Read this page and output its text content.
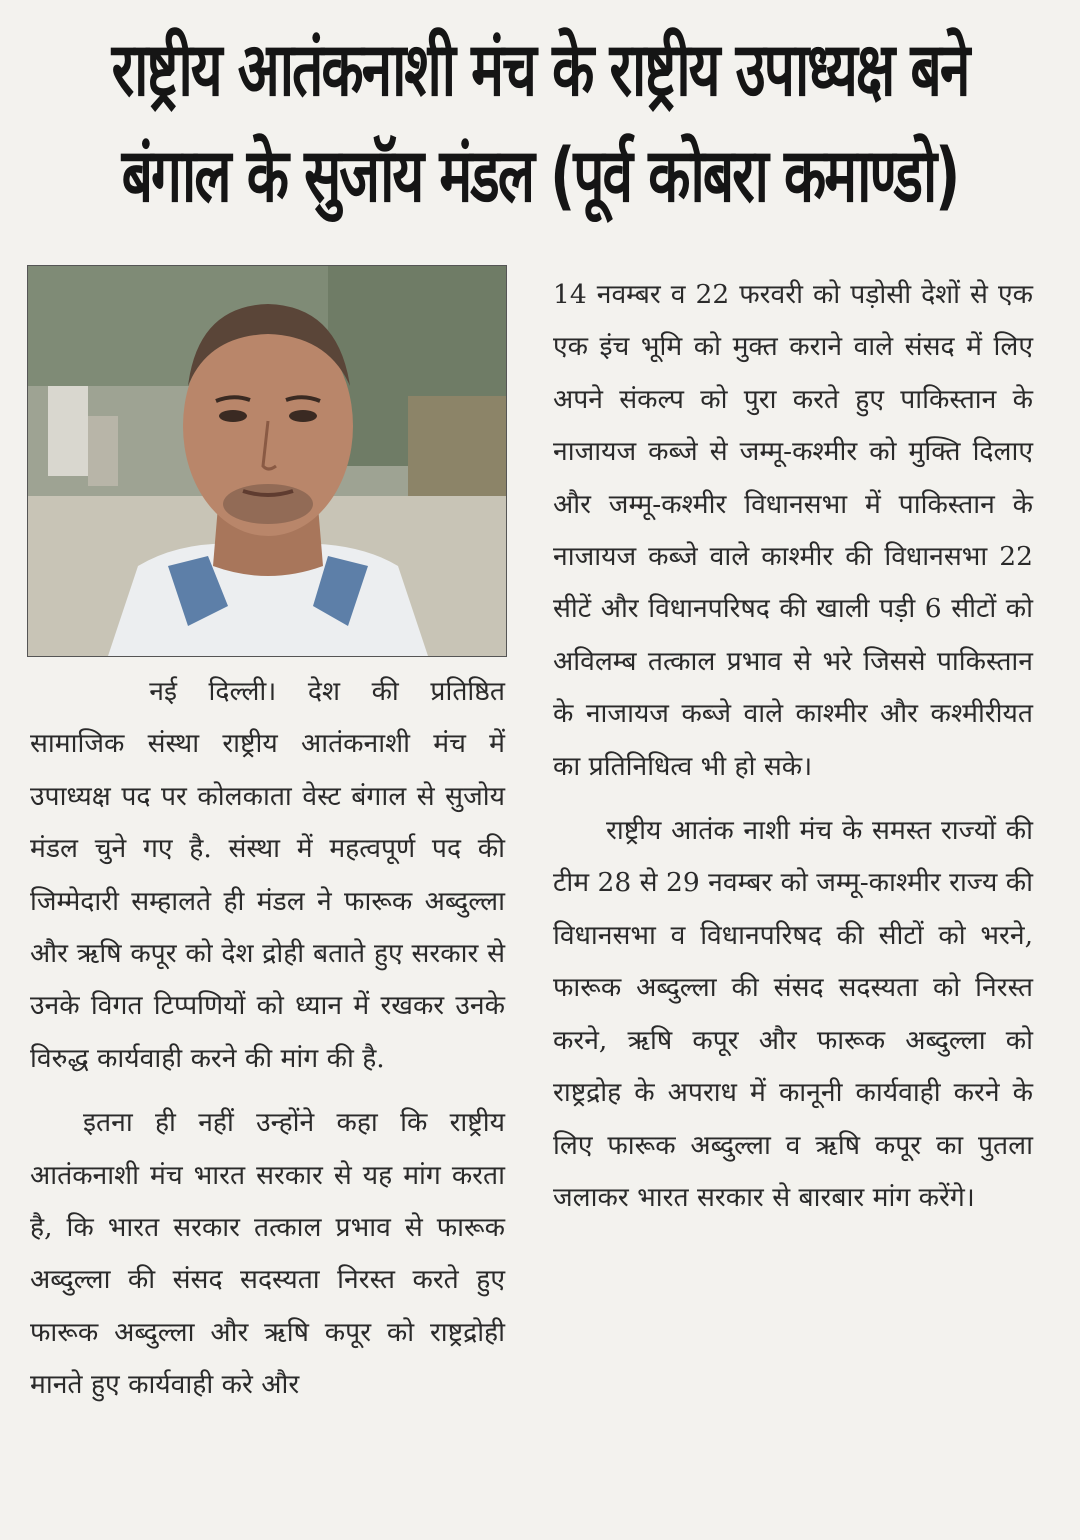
राष्ट्रीय आतंकनाशी मंच के राष्ट्रीय उपाध्यक्ष बने
बंगाल के सुजॉय मंडल (पूर्व कोबरा कमाण्डो)

नई दिल्ली। देश की प्रतिष्ठित सामाजिक संस्था राष्ट्रीय आतंकनाशी मंच में उपाध्यक्ष पद पर कोलकाता वेस्ट बंगाल से सुजोय मंडल चुने गए है. संस्था में महत्वपूर्ण पद की जिम्मेदारी सम्हालते ही मंडल ने फारूक अब्दुल्ला और ऋषि कपूर को देश द्रोही बताते हुए सरकार से उनके विगत टिप्पणियों को ध्यान में रखकर उनके विरुद्ध कार्यवाही करने की मांग की है.

इतना ही नहीं उन्होंने कहा कि राष्ट्रीय आतंकनाशी मंच भारत सरकार से यह मांग करता है, कि भारत सरकार तत्काल प्रभाव से फारूक अब्दुल्ला की संसद सदस्यता निरस्त करते हुए फारूक अब्दुल्ला और ऋषि कपूर को राष्ट्रद्रोही मानते हुए कार्यवाही करे और

14 नवम्बर व 22 फरवरी को पड़ोसी देशों से एक एक इंच भूमि को मुक्त कराने वाले संसद में लिए अपने संकल्प को पुरा करते हुए पाकिस्तान के नाजायज कब्जे से जम्मू-कश्मीर को मुक्ति दिलाए और जम्मू-कश्मीर विधानसभा में पाकिस्तान के नाजायज कब्जे वाले काश्मीर की विधानसभा 22 सीटें और विधानपरिषद की खाली पड़ी 6 सीटों को अविलम्ब तत्काल प्रभाव से भरे जिससे पाकिस्तान के नाजायज कब्जे वाले काश्मीर और कश्मीरीयत का प्रतिनिधित्व भी हो सके।

राष्ट्रीय आतंक नाशी मंच के समस्त राज्यों की टीम 28 से 29 नवम्बर को जम्मू-काश्मीर राज्य की विधानसभा व विधानपरिषद की सीटों को भरने, फारूक अब्दुल्ला की संसद सदस्यता को निरस्त करने, ऋषि कपूर और फारूक अब्दुल्ला को राष्ट्रद्रोह के अपराध में कानूनी कार्यवाही करने के लिए फारूक अब्दुल्ला व ऋषि कपूर का पुतला जलाकर भारत सरकार से बारबार मांग करेंगे।
